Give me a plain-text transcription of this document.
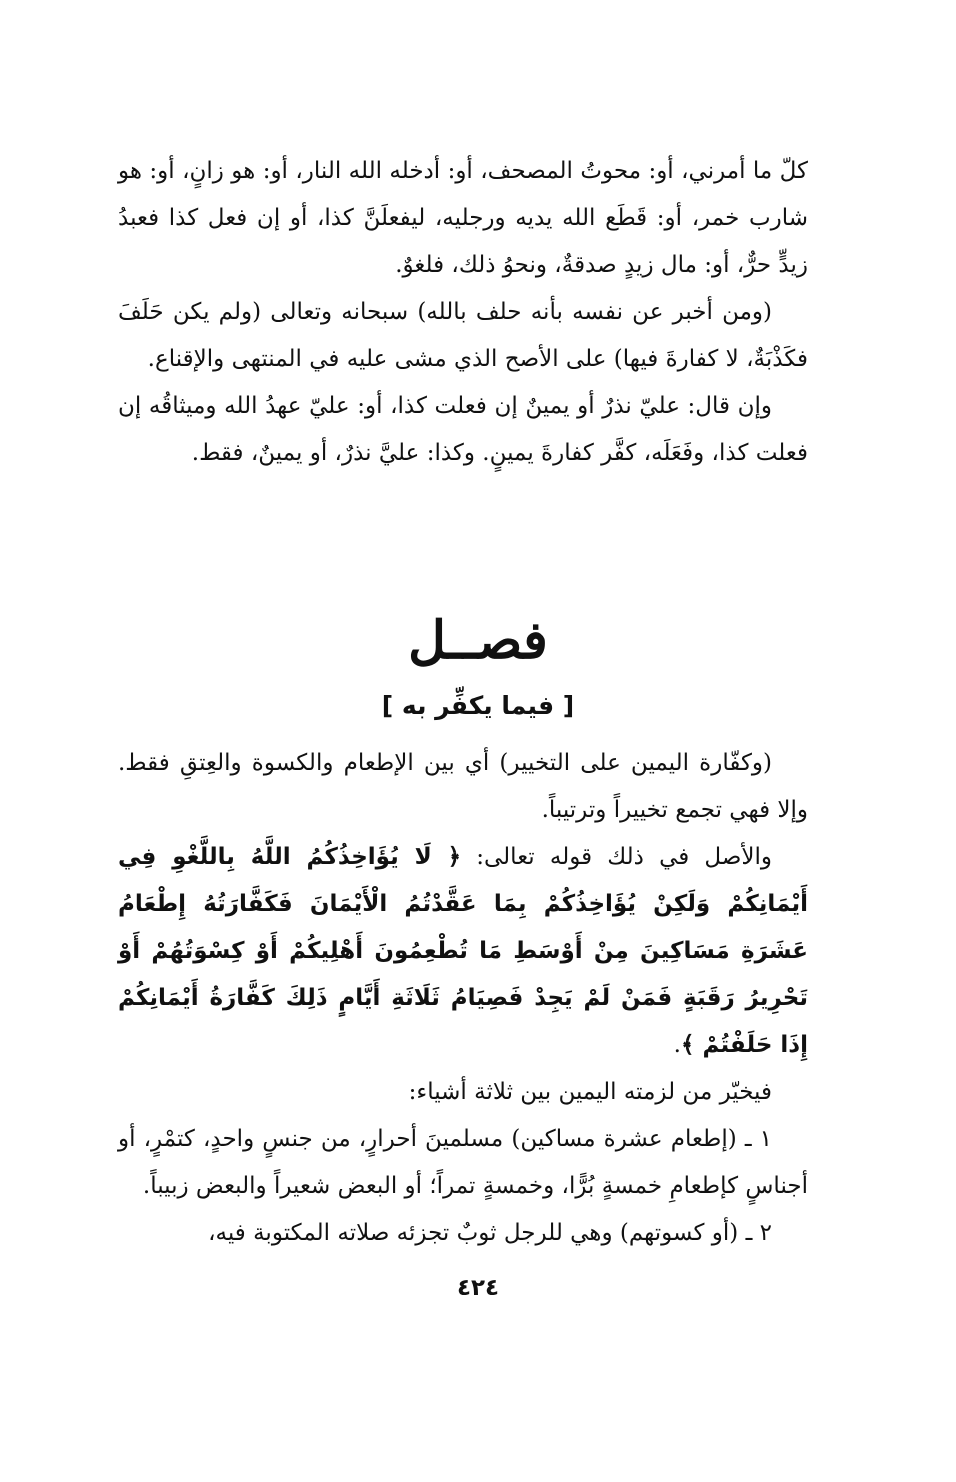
كلّ ما أمرني، أو: محوتُ المصحف، أو: أدخله الله النار، أو: هو زانٍ، أو: هو شارب خمر، أو: قَطَع الله يديه ورجليه، ليفعلَنَّ كذا، أو إن فعل كذا فعبدُ زيدٍّ حرٌّ، أو: مال زيدٍ صدقةٌ، ونحوُ ذلك، فلغوٌ.

(ومن أخبر عن نفسه بأنه حلف بالله) سبحانه وتعالى (ولم يكن حَلَفَ فكَذْبَةٌ، لا كفارةَ فيها) على الأصح الذي مشى عليه في المنتهى والإقناع.

وإن قال: عليّ نذرٌ أو يمينٌ إن فعلت كذا، أو: عليّ عهدُ الله وميثاقُه إن فعلت كذا، وفَعَلَه، كفَّر كفارةَ يمينٍ. وكذا: عليَّ نذرٌ، أو يمينٌ، فقط.

فصــل
[ فيما يكفِّر به ]

(وكفّارة اليمين على التخيير) أي بين الإطعام والكسوة والعِتقِ فقط. وإلا فهي تجمع تخييراً وترتيباً.

والأصل في ذلك قوله تعالى: ﴿ لَا يُؤَاخِذُكُمُ اللَّهُ بِاللَّغْوِ فِي أَيْمَانِكُمْ وَلَكِنْ يُؤَاخِذُكُمْ بِمَا عَقَّدْتُمُ الْأَيْمَانَ فَكَفَّارَتُهُ إِطْعَامُ عَشَرَةِ مَسَاكِينَ مِنْ أَوْسَطِ مَا تُطْعِمُونَ أَهْلِيكُمْ أَوْ كِسْوَتُهُمْ أَوْ تَحْرِيرُ رَقَبَةٍ فَمَنْ لَمْ يَجِدْ فَصِيَامُ ثَلَاثَةِ أَيَّامٍ ذَلِكَ كَفَّارَةُ أَيْمَانِكُمْ إِذَا حَلَفْتُمْ ﴾.

فيخيّر من لزمته اليمين بين ثلاثة أشياء:

١ ـ (إطعام عشرة مساكين) مسلمينَ أحرارٍ، من جنسٍ واحدٍ، كتمْرٍ، أو أجناسٍ كإطعامِ خمسةٍ بُرًّا، وخمسةٍ تمراً؛ أو البعض شعيراً والبعض زبيباً.

٢ ـ (أو كسوتهم) وهي للرجل ثوبٌ تجزئه صلاته المكتوبة فيه،

٤٢٤
